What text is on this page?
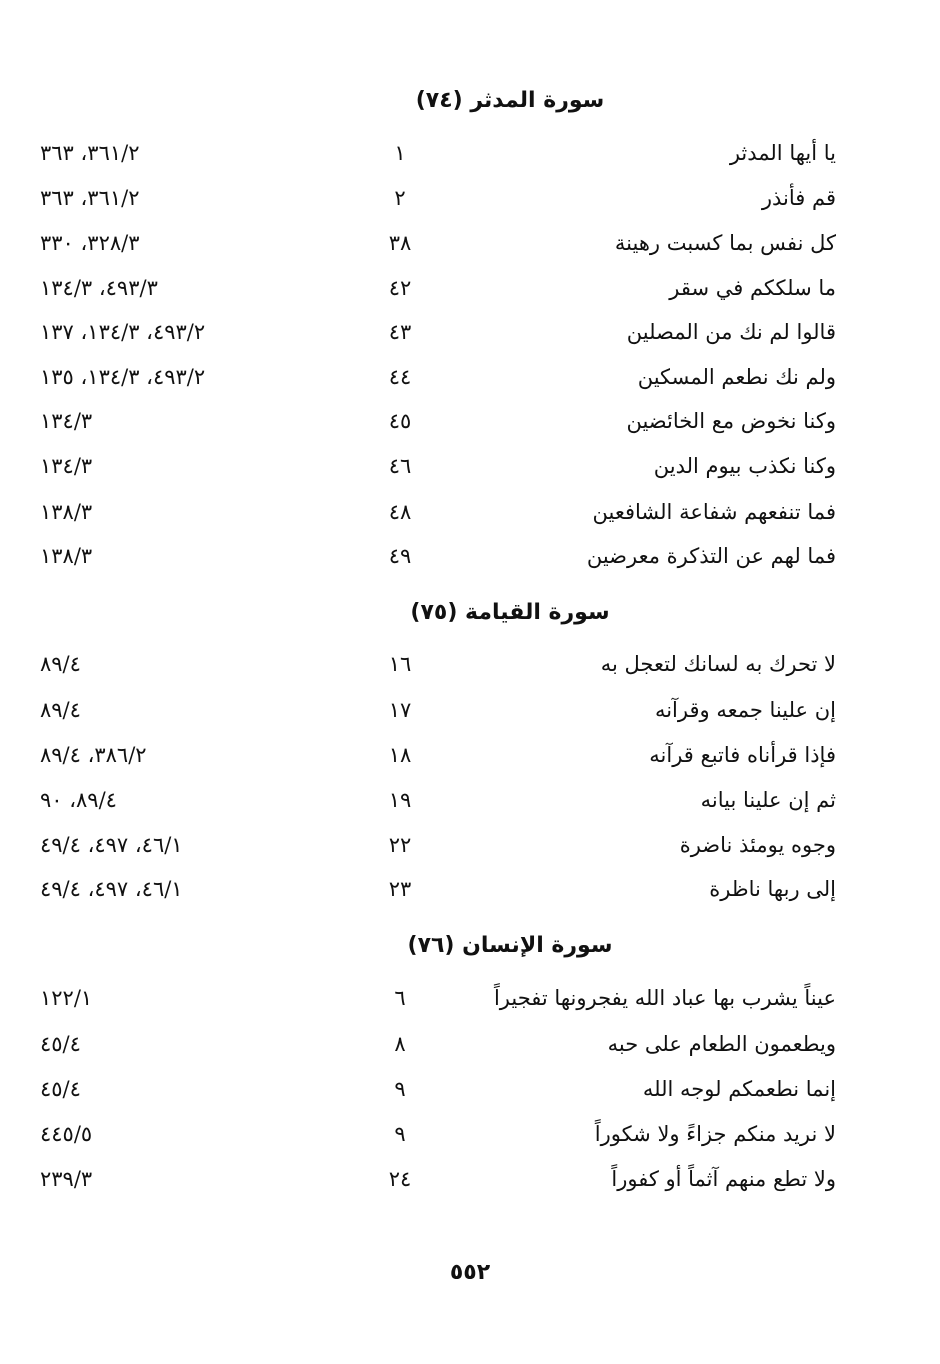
سورة المدثر (٧٤)
يا أيها المدثر
١
٣٦١/٢، ٣٦٣
قم فأنذر
٢
٣٦١/٢، ٣٦٣
كل نفس بما كسبت رهينة
٣٨
٣٢٨/٣، ٣٣٠
ما سلككم في سقر
٤٢
٤٩٣/٣، ١٣٤/٣
قالوا لم نك من المصلين
٤٣
٤٩٣/٢، ١٣٤/٣، ١٣٧
ولم نك نطعم المسكين
٤٤
٤٩٣/٢، ١٣٤/٣، ١٣٥
وكنا نخوض مع الخائضين
٤٥
١٣٤/٣
وكنا نكذب بيوم الدين
٤٦
١٣٤/٣
فما تنفعهم شفاعة الشافعين
٤٨
١٣٨/٣
فما لهم عن التذكرة معرضين
٤٩
١٣٨/٣
سورة القيامة (٧٥)
لا تحرك به لسانك لتعجل به
١٦
٨٩/٤
إن علينا جمعه وقرآنه
١٧
٨٩/٤
فإذا قرأناه فاتبع قرآنه
١٨
٣٨٦/٢، ٨٩/٤
ثم إن علينا بيانه
١٩
٨٩/٤، ٩٠
وجوه يومئذ ناضرة
٢٢
٤٦/١، ٤٩٧، ٤٩/٤
إلى ربها ناظرة
٢٣
٤٦/١، ٤٩٧، ٤٩/٤
سورة الإنسان (٧٦)
عيناً يشرب بها عباد الله يفجرونها تفجيراً
٦
١٢٢/١
ويطعمون الطعام على حبه
٨
٤٥/٤
إنما نطعمكم لوجه الله
٩
٤٥/٤
لا نريد منكم جزاءً ولا شكوراً
٩
٤٤٥/٥
ولا تطع منهم آثماً أو كفوراً
٢٤
٢٣٩/٣
٥٥٢
